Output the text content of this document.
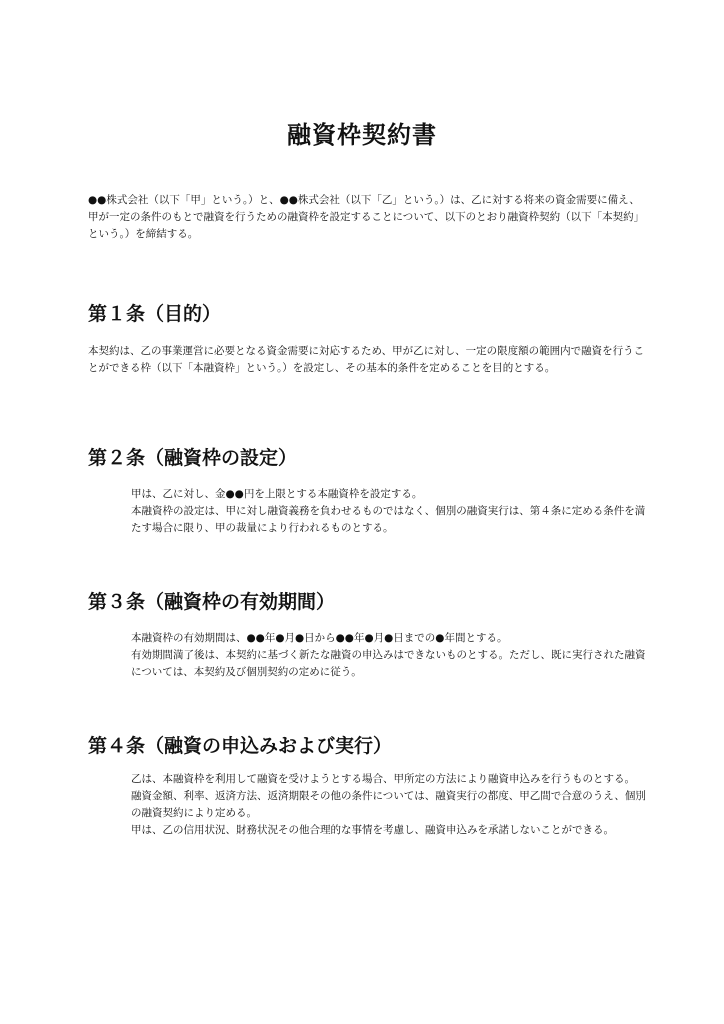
融資枠契約書

●●株式会社（以下「甲」という。）と、●●株式会社（以下「乙」という。）は、乙に対する将来の資金需要に備え、甲が一定の条件のもとで融資を行うための融資枠を設定することについて、以下のとおり融資枠契約（以下「本契約」という。）を締結する。

第１条（目的）

本契約は、乙の事業運営に必要となる資金需要に対応するため、甲が乙に対し、一定の限度額の範囲内で融資を行うことができる枠（以下「本融資枠」という。）を設定し、その基本的条件を定めることを目的とする。

第２条（融資枠の設定）

甲は、乙に対し、金●●円を上限とする本融資枠を設定する。

本融資枠の設定は、甲に対し融資義務を負わせるものではなく、個別の融資実行は、第４条に定める条件を満たす場合に限り、甲の裁量により行われるものとする。

第３条（融資枠の有効期間）

本融資枠の有効期間は、●●年●月●日から●●年●月●日までの●年間とする。

有効期間満了後は、本契約に基づく新たな融資の申込みはできないものとする。ただし、既に実行された融資については、本契約及び個別契約の定めに従う。

第４条（融資の申込みおよび実行）

乙は、本融資枠を利用して融資を受けようとする場合、甲所定の方法により融資申込みを行うものとする。

融資金額、利率、返済方法、返済期限その他の条件については、融資実行の都度、甲乙間で合意のうえ、個別の融資契約により定める。

甲は、乙の信用状況、財務状況その他合理的な事情を考慮し、融資申込みを承諾しないことができる。
